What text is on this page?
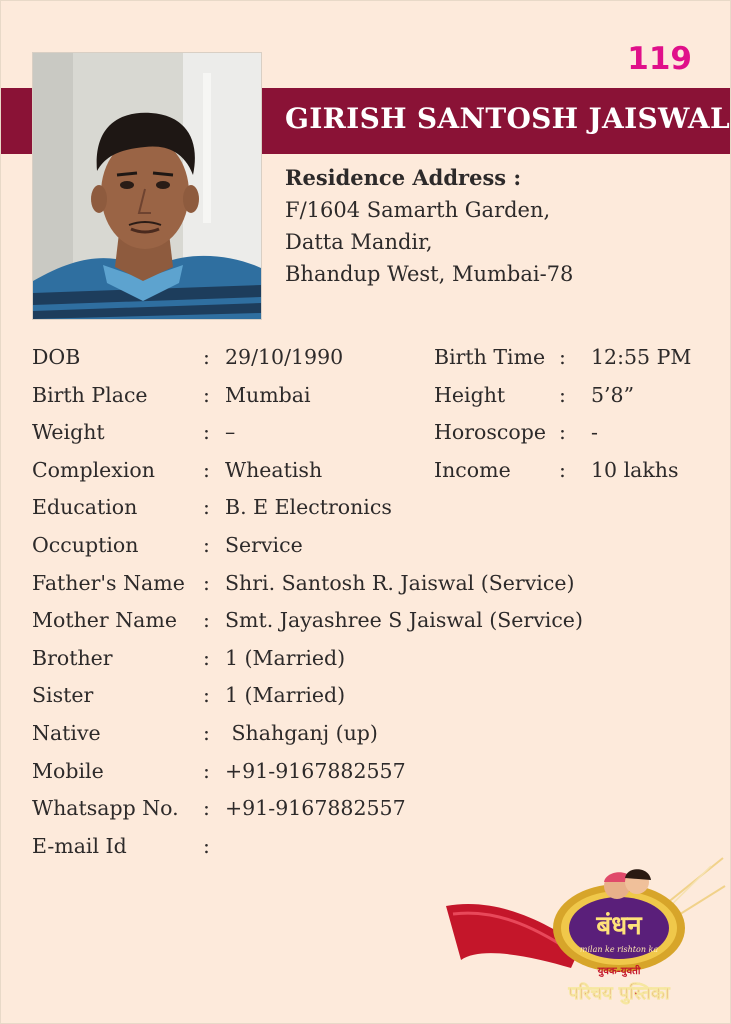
119
GIRISH SANTOSH JAISWAL
Residence Address :
F/1604 Samarth Garden,
Datta Mandir,
Bhandup West, Mumbai-78
DOB	: 29/10/1990	Birth Time : 12:55 PM
Birth Place	: Mumbai	Height	: 5’8”
Weight	: –	Horoscope : -
Complexion : Wheatish	Income : 10 lakhs
Education	: B. E Electronics
Occuption	: Service
Father's Name : Shri. Santosh R. Jaiswal (Service)
Mother Name : Smt. Jayashree S Jaiswal (Service)
Brother	: 1 (Married)
Sister	: 1 (Married)
Native	: Shahganj (up)
Mobile	: +91-9167882557
Whatsapp No. : +91-9167882557
E-mail Id	:
बंधन
milan ke rishton ka
युवक-युवती
परिचय पुस्तिका
